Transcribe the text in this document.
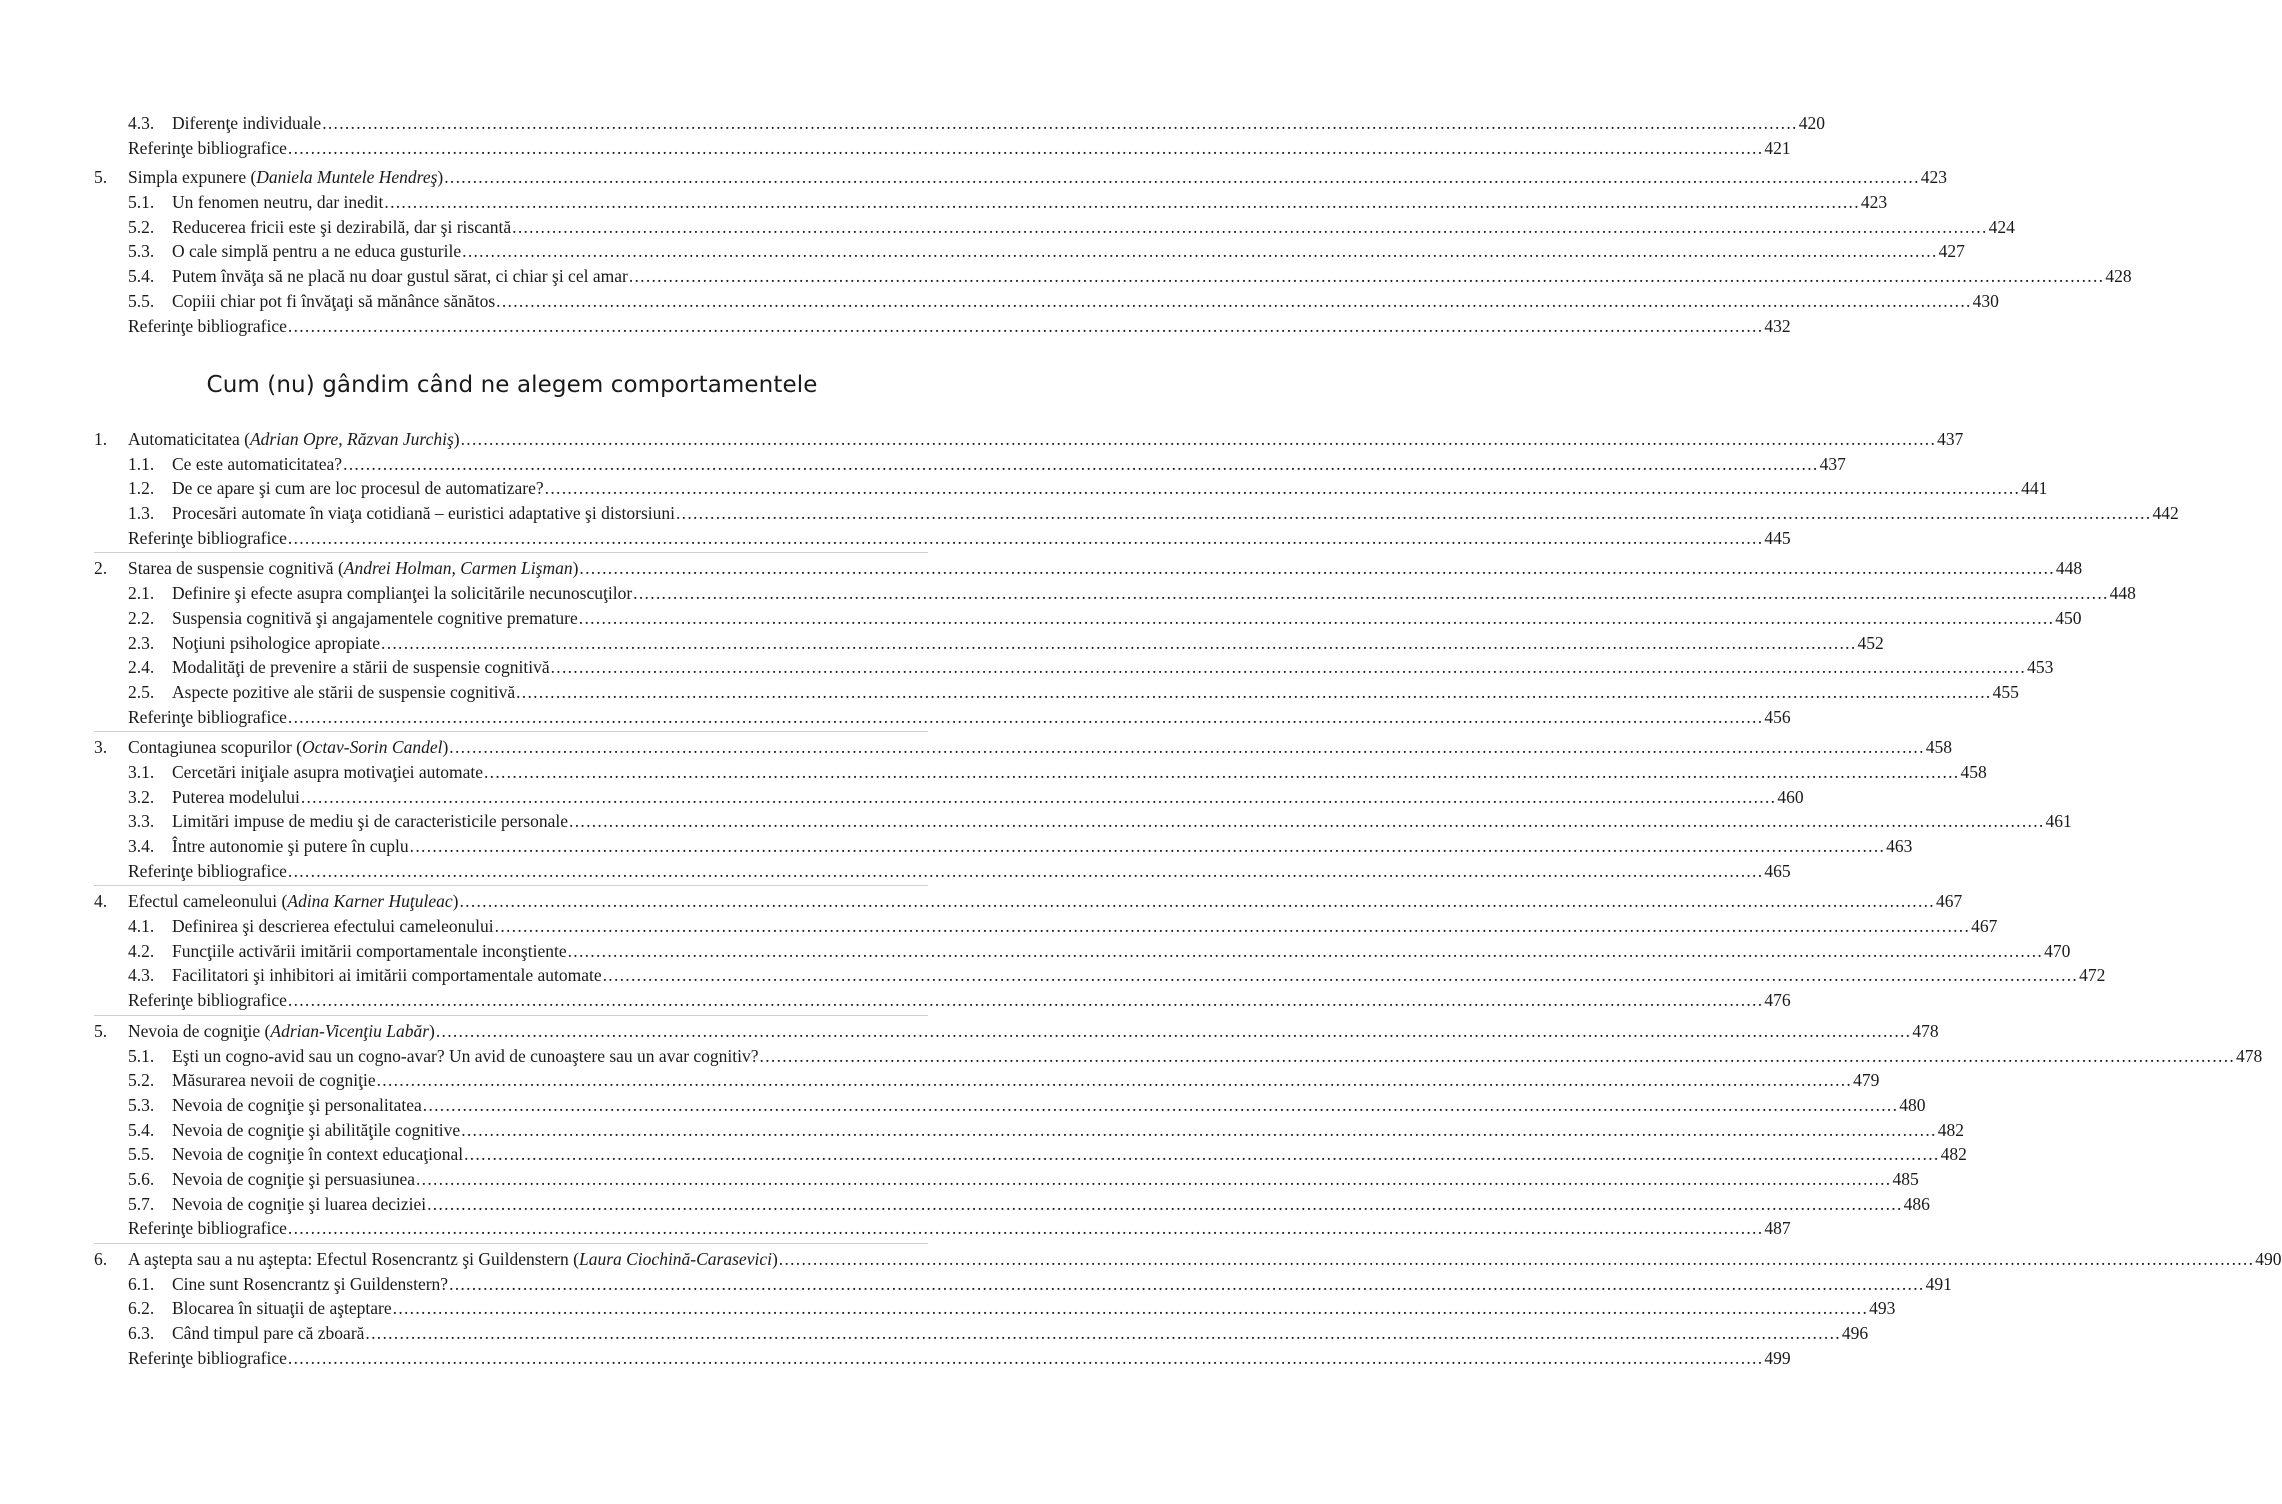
4.3.	Diferenţe individuale .....	420
Referinţe bibliografice .....	421
5.	Simpla expunere (Daniela Muntele Hendreş) .....	423
5.1.	Un fenomen neutru, dar inedit .....	423
5.2.	Reducerea fricii este şi dezirabilă, dar şi riscantă .....	424
5.3.	O cale simplă pentru a ne educa gusturile .....	427
5.4.	Putem învăţa să ne placă nu doar gustul sărat, ci chiar şi cel amar .....	428
5.5.	Copiii chiar pot fi învăţaţi să mănânce sănătos .....	430
Referinţe bibliografice .....	432
Cum (nu) gândim când ne alegem comportamentele
1.	Automaticitatea (Adrian Opre, Răzvan Jurchiş) .....	437
1.1.	Ce este automaticitatea? .....	437
1.2.	De ce apare şi cum are loc procesul de automatizare? .....	441
1.3.	Procesări automate în viaţa cotidiană – euristici adaptative şi distorsiuni .....	442
Referinţe bibliografice .....	445
2.	Starea de suspensie cognitivă (Andrei Holman, Carmen Lişman) .....	448
2.1.	Definire şi efecte asupra complianţei la solicitările necunoscuţilor .....	448
2.2.	Suspensia cognitivă şi angajamentele cognitive premature .....	450
2.3.	Noţiuni psihologice apropiate .....	452
2.4.	Modalităţi de prevenire a stării de suspensie cognitivă .....	453
2.5.	Aspecte pozitive ale stării de suspensie cognitivă .....	455
Referinţe bibliografice .....	456
3.	Contagiunea scopurilor (Octav-Sorin Candel) .....	458
3.1.	Cercetări iniţiale asupra motivaţiei automate .....	458
3.2.	Puterea modelului .....	460
3.3.	Limitări impuse de mediu şi de caracteristicile personale .....	461
3.4.	Între autonomie şi putere în cuplu .....	463
Referinţe bibliografice .....	465
4.	Efectul cameleonului (Adina Karner Huţuleac) .....	467
4.1.	Definirea şi descrierea efectului cameleonului .....	467
4.2.	Funcţiile activării imitării comportamentale inconştiente .....	470
4.3.	Facilitatori şi inhibitori ai imitării comportamentale automate .....	472
Referinţe bibliografice .....	476
5.	Nevoia de cogniţie (Adrian-Vicenţiu Labăr) .....	478
5.1.	Eşti un cogno-avid sau un cogno-avar? Un avid de cunoaştere sau un avar cognitiv? .....	478
5.2.	Măsurarea nevoii de cogniţie .....	479
5.3.	Nevoia de cogniţie şi personalitatea .....	480
5.4.	Nevoia de cogniţie şi abilităţile cognitive .....	482
5.5.	Nevoia de cogniţie în context educaţional .....	482
5.6.	Nevoia de cogniţie şi persuasiunea .....	485
5.7.	Nevoia de cogniţie şi luarea deciziei .....	486
Referinţe bibliografice .....	487
6.	A aştepta sau a nu aştepta: Efectul Rosencrantz şi Guildenstern (Laura Ciochină-Carasevici) .....	490
6.1.	Cine sunt Rosencrantz şi Guildenstern? .....	491
6.2.	Blocarea în situaţii de aşteptare .....	493
6.3.	Când timpul pare că zboară .....	496
Referinţe bibliografice .....	499
